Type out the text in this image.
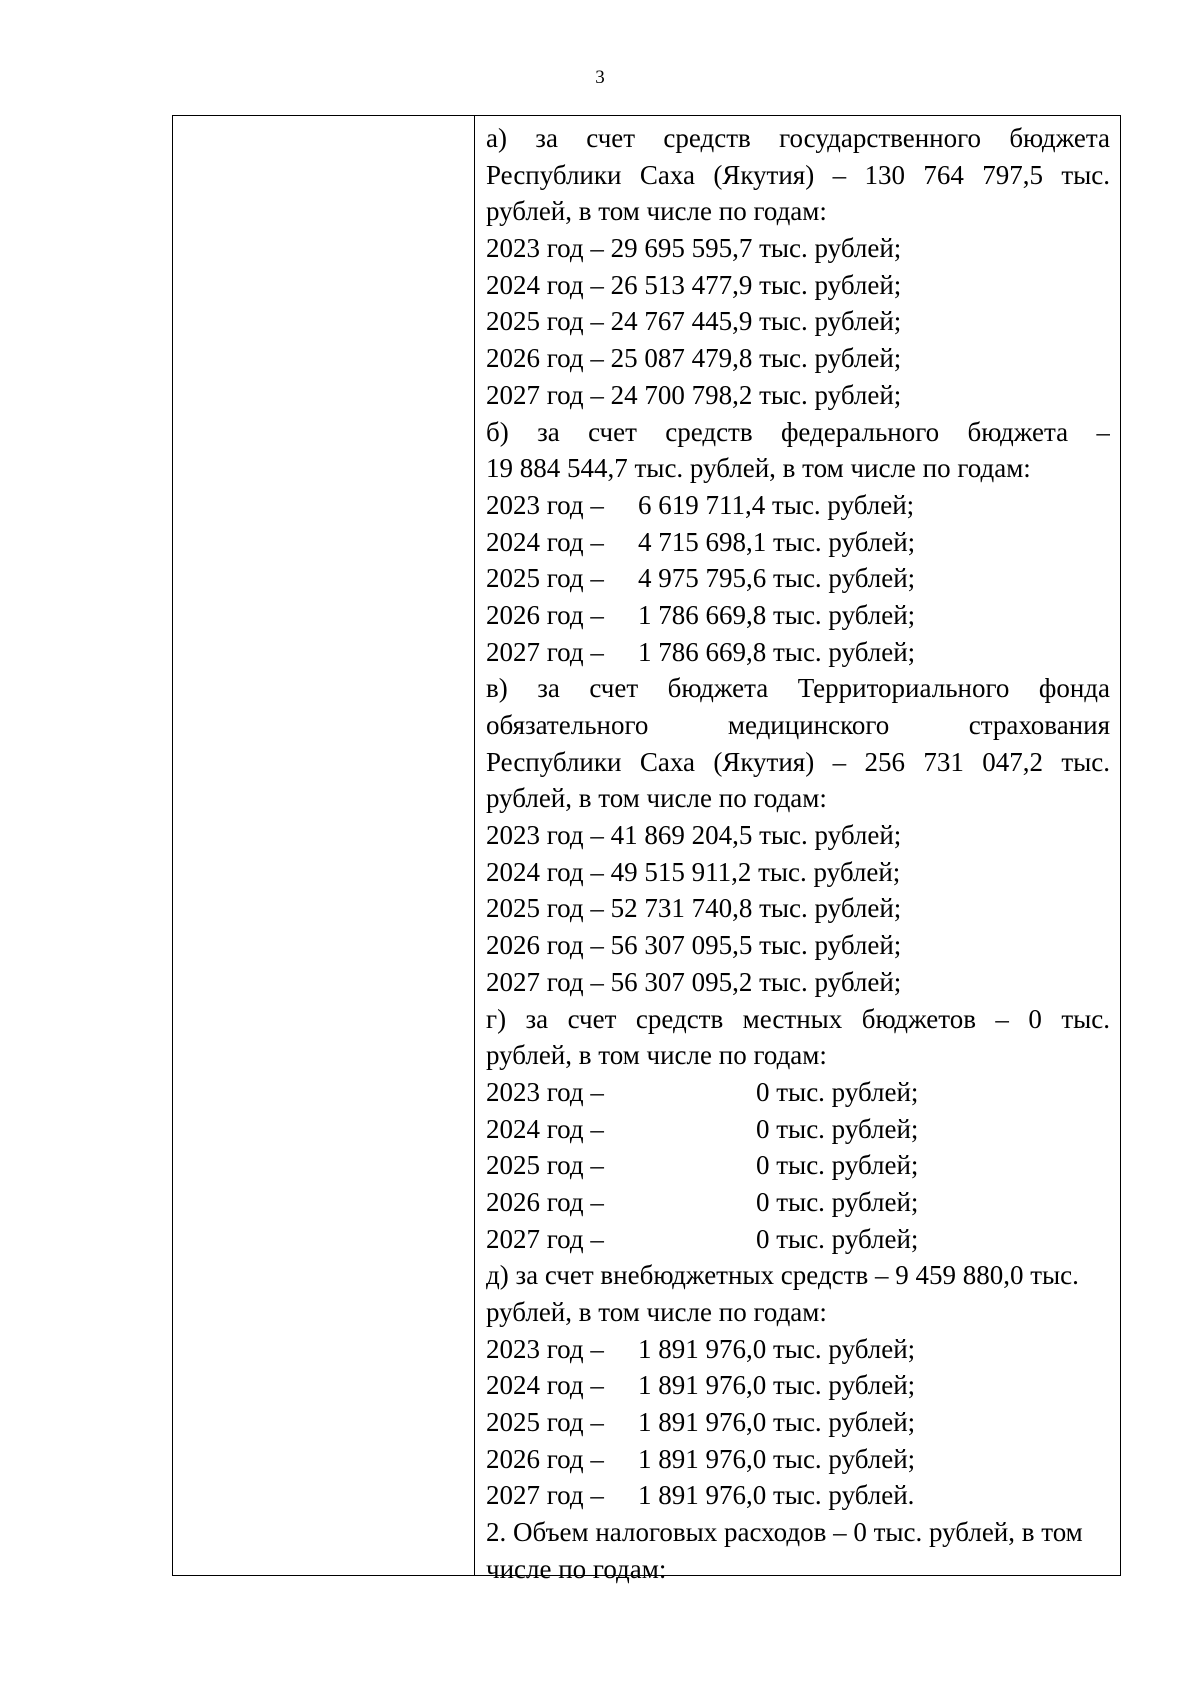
3
а) за счет средств государственного бюджета
Республики Саха (Якутия) – 130 764 797,5 тыс.
рублей, в том числе по годам:
2023 год – 29 695 595,7 тыс. рублей;
2024 год – 26 513 477,9 тыс. рублей;
2025 год – 24 767 445,9 тыс. рублей;
2026 год – 25 087 479,8 тыс. рублей;
2027 год – 24 700 798,2 тыс. рублей;
б) за счет средств федерального бюджета –
19 884 544,7 тыс. рублей, в том числе по годам:
2023 год –	6 619 711,4 тыс. рублей;
2024 год –	4 715 698,1 тыс. рублей;
2025 год –	4 975 795,6 тыс. рублей;
2026 год –	1 786 669,8 тыс. рублей;
2027 год –	1 786 669,8 тыс. рублей;
в) за счет бюджета Территориального фонда
обязательного медицинского страхования
Республики Саха (Якутия) – 256 731 047,2 тыс.
рублей, в том числе по годам:
2023 год – 41 869 204,5 тыс. рублей;
2024 год – 49 515 911,2 тыс. рублей;
2025 год – 52 731 740,8 тыс. рублей;
2026 год – 56 307 095,5 тыс. рублей;
2027 год – 56 307 095,2 тыс. рублей;
г) за счет средств местных бюджетов – 0 тыс.
рублей, в том числе по годам:
2023 год –	0 тыс. рублей;
2024 год –	0 тыс. рублей;
2025 год –	0 тыс. рублей;
2026 год –	0 тыс. рублей;
2027 год –	0 тыс. рублей;
д) за счет внебюджетных средств – 9 459 880,0 тыс.
рублей, в том числе по годам:
2023 год –	1 891 976,0 тыс. рублей;
2024 год –	1 891 976,0 тыс. рублей;
2025 год –	1 891 976,0 тыс. рублей;
2026 год –	1 891 976,0 тыс. рублей;
2027 год –	1 891 976,0 тыс. рублей.
2. Объем налоговых расходов – 0 тыс. рублей, в том
числе по годам:
